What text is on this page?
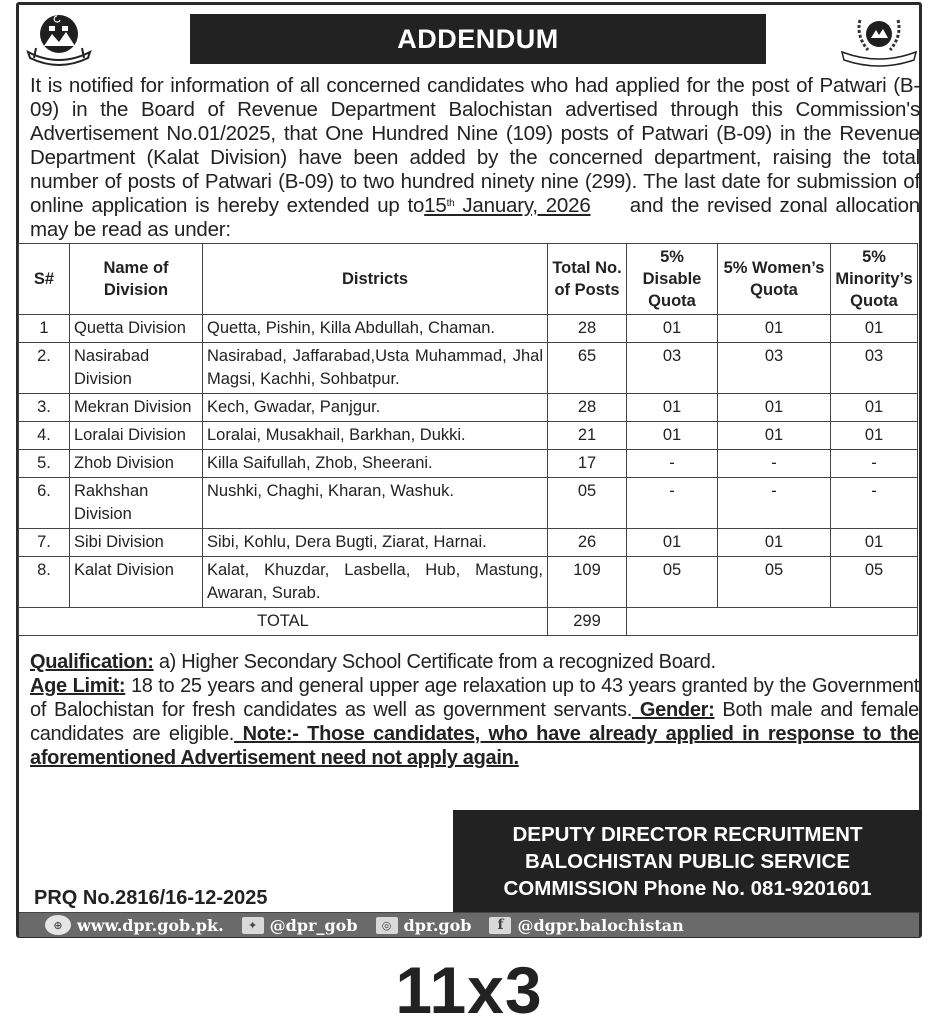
ADDENDUM
It is notified for information of all concerned candidates who had applied for the post of Patwari (B-09) in the Board of Revenue Department Balochistan advertised through this Commission's Advertisement No.01/2025, that One Hundred Nine (109) posts of Patwari (B-09) in the Revenue Department (Kalat Division) have been added by the concerned department, raising the total number of posts of Patwari (B-09) to two hundred ninety nine (299). The last date for submission of online application is hereby extended up to15th January, 2026 and the revised zonal allocation may be read as under:
S#	Name of Division	Districts	Total No. of Posts	5% Disable Quota	5% Women’s Quota	5% Minority’s Quota
1	Quetta Division	Quetta, Pishin, Killa Abdullah, Chaman.	28	01	01	01
2.	Nasirabad Division	Nasirabad, Jaffarabad,Usta Muhammad, Jhal Magsi, Kachhi, Sohbatpur.	65	03	03	03
3.	Mekran Division	Kech, Gwadar, Panjgur.	28	01	01	01
4.	Loralai Division	Loralai, Musakhail, Barkhan, Dukki.	21	01	01	01
5.	Zhob Division	Killa Saifullah, Zhob, Sheerani.	17	-	-	-
6.	Rakhshan Division	Nushki, Chaghi, Kharan, Washuk.	05	-	-	-
7.	Sibi Division	Sibi, Kohlu, Dera Bugti, Ziarat, Harnai.	26	01	01	01
8.	Kalat Division	Kalat, Khuzdar, Lasbella, Hub, Mastung, Awaran, Surab.	109	05	05	05
TOTAL			299			
Qualification: a) Higher Secondary School Certificate from a recognized Board.
Age Limit: 18 to 25 years and general upper age relaxation up to 43 years granted by the Government of Balochistan for fresh candidates as well as government servants. Gender: Both male and female candidates are eligible. Note:- Those candidates, who have already applied in response to the aforementioned Advertisement need not apply again.
DEPUTY DIRECTOR RECRUITMENT
BALOCHISTAN PUBLIC SERVICE
COMMISSION Phone No. 081-9201601
PRQ No.2816/16-12-2025
⊕ www.dpr.gob.pk.	✦ @dpr_gob	◎ dpr.gob	f @dgpr.balochistan
11x3
